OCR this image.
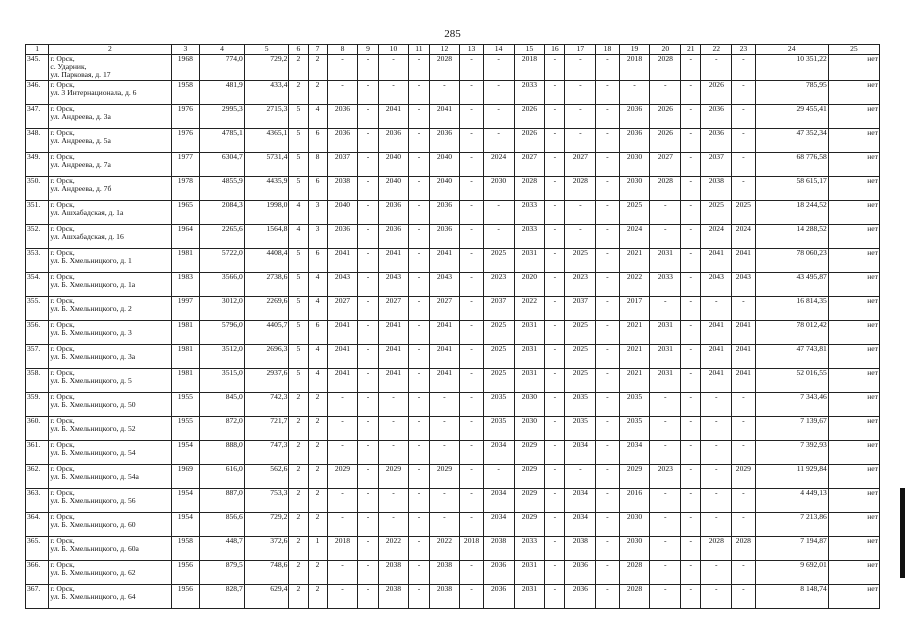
285
1	2	3	4	5	6	7	8	9	10	11	12	13	14	15	16	17	18	19	20	21	22	23	24	25
345.	г. Орск,
с. Ударник,
ул. Парковая, д. 17	1968	774,0	729,2	2	2	-	-	-	-	2028	-	-	2018	-	-	-	2018	2028	-	-	-	10 351,22	нет
346.	г. Орск,
ул. 3 Интернационала, д. 6	1958	481,9	433,4	2	2	-	-	-	-	-	-	-	2033	-	-	-	-	-	-	2026	-	785,95	нет
347.	г. Орск,
ул. Андреева, д. 3а	1976	2995,3	2715,3	5	4	2036	-	2041	-	2041	-	-	2026	-	-	-	2036	2026	-	2036	-	29 455,41	нет
348.	г. Орск,
ул. Андреева, д. 5а	1976	4785,1	4365,1	5	6	2036	-	2036	-	2036	-	-	2026	-	-	-	2036	2026	-	2036	-	47 352,34	нет
349.	г. Орск,
ул. Андреева, д. 7а	1977	6304,7	5731,4	5	8	2037	-	2040	-	2040	-	2024	2027	-	2027	-	2030	2027	-	2037	-	68 776,58	нет
350.	г. Орск,
ул. Андреева, д. 7б	1978	4855,9	4435,9	5	6	2038	-	2040	-	2040	-	2030	2028	-	2028	-	2030	2028	-	2038	-	58 615,17	нет
351.	г. Орск,
ул. Ашхабадская, д. 1а	1965	2084,3	1998,0	4	3	2040	-	2036	-	2036	-	-	2033	-	-	-	2025	-	-	2025	2025	18 244,52	нет
352.	г. Орск,
ул. Ашхабадская, д. 16	1964	2265,6	1564,8	4	3	2036	-	2036	-	2036	-	-	2033	-	-	-	2024	-	-	2024	2024	14 288,52	нет
353.	г. Орск,
ул. Б. Хмельницкого, д. 1	1981	5722,0	4408,4	5	6	2041	-	2041	-	2041	-	2025	2031	-	2025	-	2021	2031	-	2041	2041	78 060,23	нет
354.	г. Орск,
ул. Б. Хмельницкого, д. 1а	1983	3566,0	2738,6	5	4	2043	-	2043	-	2043	-	2023	2020	-	2023	-	2022	2033	-	2043	2043	43 495,87	нет
355.	г. Орск,
ул. Б. Хмельницкого, д. 2	1997	3012,0	2269,6	5	4	2027	-	2027	-	2027	-	2037	2022	-	2037	-	2017	-	-	-	-	16 814,35	нет
356.	г. Орск,
ул. Б. Хмельницкого, д. 3	1981	5796,0	4405,7	5	6	2041	-	2041	-	2041	-	2025	2031	-	2025	-	2021	2031	-	2041	2041	78 012,42	нет
357.	г. Орск,
ул. Б. Хмельницкого, д. 3а	1981	3512,0	2696,3	5	4	2041	-	2041	-	2041	-	2025	2031	-	2025	-	2021	2031	-	2041	2041	47 743,81	нет
358.	г. Орск,
ул. Б. Хмельницкого, д. 5	1981	3515,0	2937,6	5	4	2041	-	2041	-	2041	-	2025	2031	-	2025	-	2021	2031	-	2041	2041	52 016,55	нет
359.	г. Орск,
ул. Б. Хмельницкого, д. 50	1955	845,0	742,3	2	2	-	-	-	-	-	-	2035	2030	-	2035	-	2035	-	-	-	-	7 343,46	нет
360.	г. Орск,
ул. Б. Хмельницкого, д. 52	1955	872,0	721,7	2	2	-	-	-	-	-	-	2035	2030	-	2035	-	2035	-	-	-	-	7 139,67	нет
361.	г. Орск,
ул. Б. Хмельницкого, д. 54	1954	888,0	747,3	2	2	-	-	-	-	-	-	2034	2029	-	2034	-	2034	-	-	-	-	7 392,93	нет
362.	г. Орск,
ул. Б. Хмельницкого, д. 54а	1969	616,0	562,6	2	2	2029	-	2029	-	2029	-	-	2029	-	-	-	2029	2023	-	-	2029	11 929,84	нет
363.	г. Орск,
ул. Б. Хмельницкого, д. 56	1954	887,0	753,3	2	2	-	-	-	-	-	-	2034	2029	-	2034	-	2016	-	-	-	-	4 449,13	нет
364.	г. Орск,
ул. Б. Хмельницкого, д. 60	1954	856,6	729,2	2	2	-	-	-	-	-	-	2034	2029	-	2034	-	2030	-	-	-	-	7 213,86	нет
365.	г. Орск,
ул. Б. Хмельницкого, д. 60а	1958	448,7	372,6	2	1	2018	-	2022	-	2022	2018	2038	2033	-	2038	-	2030	-	-	2028	2028	7 194,87	нет
366.	г. Орск,
ул. Б. Хмельницкого, д. 62	1956	879,5	748,6	2	2	-	-	2038	-	2038	-	2036	2031	-	2036	-	2028	-	-	-	-	9 692,01	нет
367.	г. Орск,
ул. Б. Хмельницкого, д. 64	1956	828,7	629,4	2	2	-	-	2038	-	2038	-	2036	2031	-	2036	-	2028	-	-	-	-	8 148,74	нет
